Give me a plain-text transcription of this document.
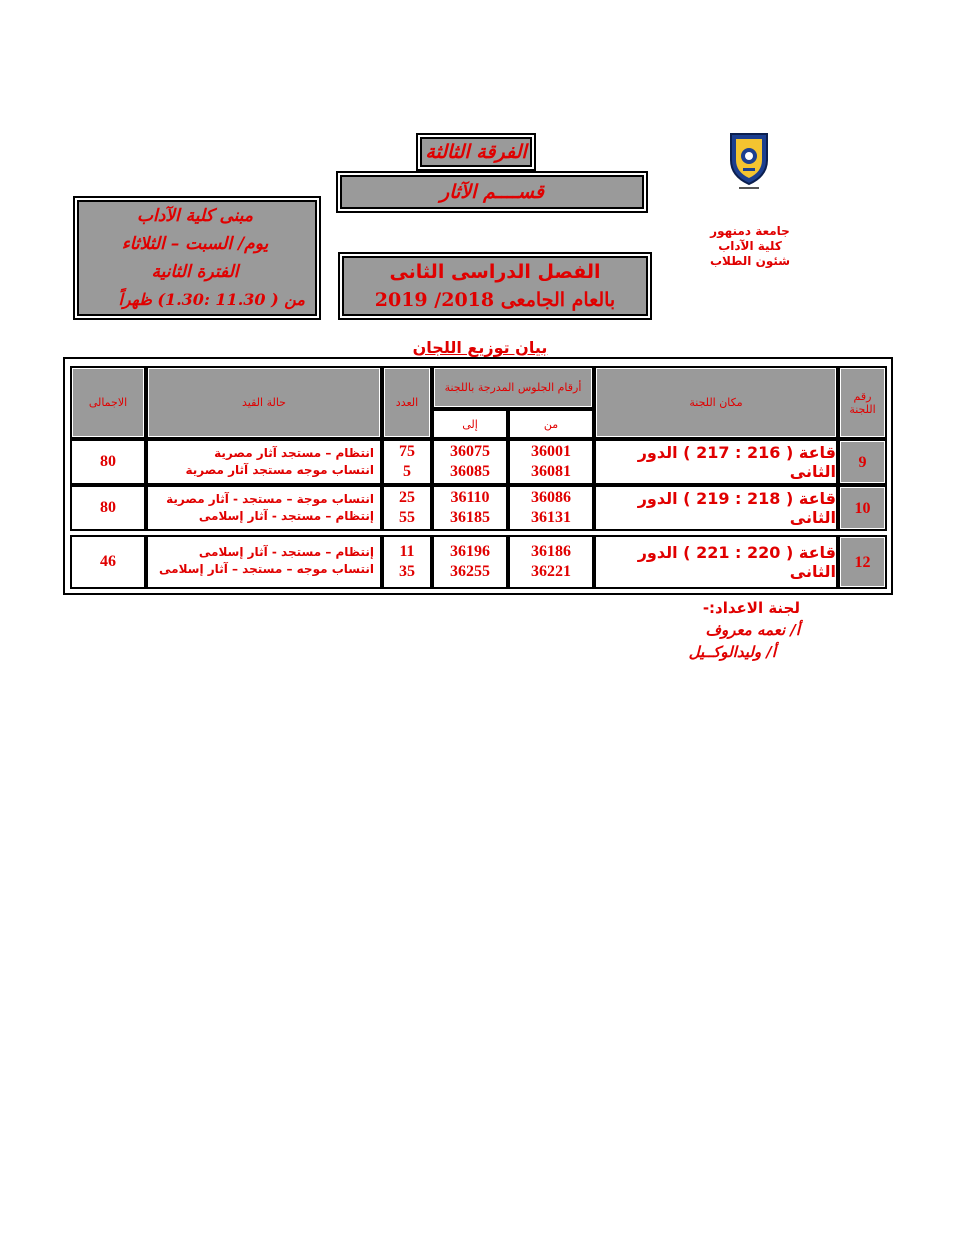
الفرقة الثالثة
قســــم الآثار
مبنى كلية الآداب
يوم/ السبت – الثلاثاء
الفترة الثانية
من ( 11.30 :1.30) ظهراً
الفصل الدراسى الثانى
بالعام الجامعى 2018/ 2019
جامعة دمنهور
كلية الآداب
شئون الطلاب
بيان توزيع اللجان
رقم اللجنة
مكان اللجنة
أرقام الجلوس المدرجة باللجنة
من
إلى
العدد
حالة القيد
الاجمالى
9
قاعة ( 216 : 217 ) الدور الثانى
36001
36081
36075
36085
75
5
انتظام – مستجد آثار مصرية
انتساب موجه مستجد آثار مصرية
80
10
قاعة ( 218 : 219 ) الدور الثانى
36086
36131
36110
36185
25
55
انتساب موجة – مستجد - آثار مصرية
إنتظام – مستجد - آثار إسلامى
80
12
قاعة ( 220 : 221 ) الدور الثانى
36186
36221
36196
36255
11
35
إنتظام – مستجد - آثار إسلامى
انتساب موجه – مستجد – آثار إسلامى
46
لجنة الاعداد:-
أ/ نعمه معروف
أ/ وليدالوكــيل
